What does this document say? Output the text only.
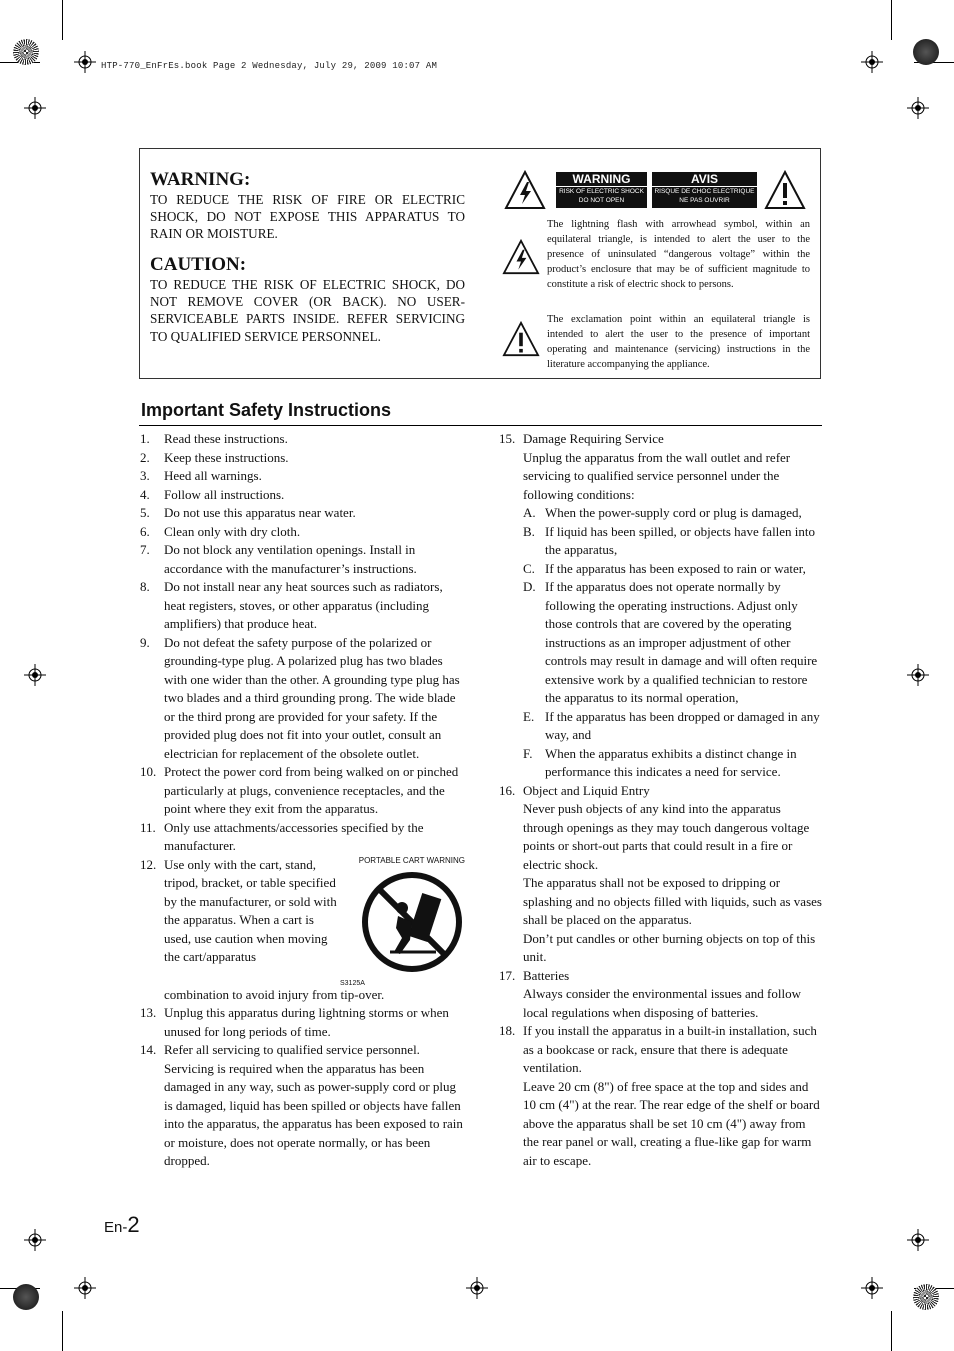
HTP-770_EnFrEs.book Page 2 Wednesday, July 29, 2009 10:07 AM
WARNING:
TO REDUCE THE RISK OF FIRE OR ELECTRIC SHOCK, DO NOT EXPOSE THIS APPARATUS TO RAIN OR MOISTURE.
CAUTION:
TO REDUCE THE RISK OF ELECTRIC SHOCK, DO NOT REMOVE COVER (OR BACK). NO USER-SERVICEABLE PARTS INSIDE. REFER SERVICING TO QUALIFIED SERVICE PERSONNEL.
WARNING
RISK OF ELECTRIC SHOCK
DO NOT OPEN
AVIS
RISQUE DE CHOC ELECTRIQUE
NE PAS OUVRIR
The lightning flash with arrowhead symbol, within an equilateral triangle, is intended to alert the user to the presence of uninsulated “dangerous voltage” within the product’s enclosure that may be of sufficient magnitude to constitute a risk of electric shock to persons.
The exclamation point within an equilateral triangle is intended to alert the user to the presence of important operating and maintenance (servicing) instructions in the literature accompanying the appliance.
Important Safety Instructions
1. Read these instructions.
2. Keep these instructions.
3. Heed all warnings.
4. Follow all instructions.
5. Do not use this apparatus near water.
6. Clean only with dry cloth.
7. Do not block any ventilation openings. Install in accordance with the manufacturer’s instructions.
8. Do not install near any heat sources such as radiators, heat registers, stoves, or other apparatus (including amplifiers) that produce heat.
9. Do not defeat the safety purpose of the polarized or grounding-type plug. A polarized plug has two blades with one wider than the other. A grounding type plug has two blades and a third grounding prong. The wide blade or the third prong are provided for your safety. If the provided plug does not fit into your outlet, consult an electrician for replacement of the obsolete outlet.
10. Protect the power cord from being walked on or pinched particularly at plugs, convenience receptacles, and the point where they exit from the apparatus.
11. Only use attachments/accessories specified by the manufacturer.
12.	PORTABLE CART WARNING
S3125A
Use only with the cart, stand, tripod, bracket, or table specified by the manufacturer, or sold with the apparatus. When a cart is used, use caution when moving the cart/apparatus
combination to avoid injury from tip-over.
13. Unplug this apparatus during lightning storms or when unused for long periods of time.
14. Refer all servicing to qualified service personnel. Servicing is required when the apparatus has been damaged in any way, such as power-supply cord or plug is damaged, liquid has been spilled or objects have fallen into the apparatus, the apparatus has been exposed to rain or moisture, does not operate normally, or has been dropped.
15. Damage Requiring Service
Unplug the apparatus from the wall outlet and refer servicing to qualified service personnel under the following conditions:
A. When the power-supply cord or plug is damaged,
B. If liquid has been spilled, or objects have fallen into the apparatus,
C. If the apparatus has been exposed to rain or water,
D. If the apparatus does not operate normally by following the operating instructions. Adjust only those controls that are covered by the operating instructions as an improper adjustment of other controls may result in damage and will often require extensive work by a qualified technician to restore the apparatus to its normal operation,
E. If the apparatus has been dropped or damaged in any way, and
F. When the apparatus exhibits a distinct change in performance this indicates a need for service.
16. Object and Liquid Entry
Never push objects of any kind into the apparatus through openings as they may touch dangerous voltage points or short-out parts that could result in a fire or electric shock.
The apparatus shall not be exposed to dripping or splashing and no objects filled with liquids, such as vases shall be placed on the apparatus.
Don’t put candles or other burning objects on top of this unit.
17. Batteries
Always consider the environmental issues and follow local regulations when disposing of batteries.
18. If you install the apparatus in a built-in installation, such as a bookcase or rack, ensure that there is adequate ventilation.
Leave 20 cm (8") of free space at the top and sides and 10 cm (4") at the rear. The rear edge of the shelf or board above the apparatus shall be set 10 cm (4") away from the rear panel or wall, creating a flue-like gap for warm air to escape.
En-2
